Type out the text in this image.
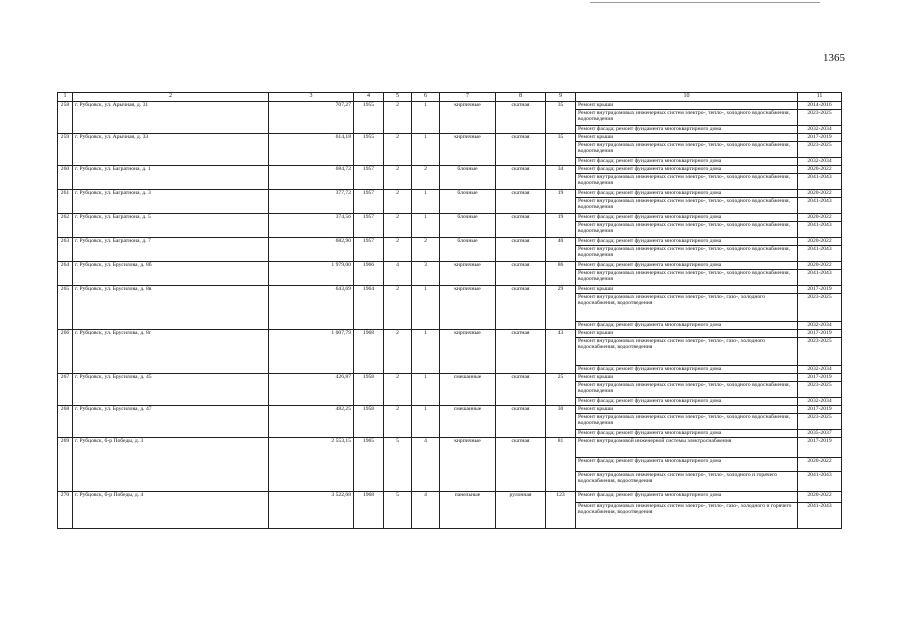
1365
1	2	3	4	5	6	7	8	9	10	11
258	г. Рубцовск, ул. Арычная, д. 31	707,27	1955	2	1	кирпичные	скатная	35	Ремонт крыши	2014-2016
									Ремонт внутридомовых инженерных систем электро-, тепло-, холодного водоснабжения, водоотведения	2023-2025
									Ремонт фасада; ремонт фундамента многоквартирного дома	2032-2034
259	г. Рубцовск, ул. Арычная, д. 33	614,18	1955	2	1	кирпичные	скатная	35	Ремонт крыши	2017-2019
									Ремонт внутридомовых инженерных систем электро-, тепло-, холодного водоснабжения, водоотведения	2023-2025
									Ремонт фасада; ремонт фундамента многоквартирного дома	2032-2034
260	г. Рубцовск, ул. Багратиона, д. 1	684,72	1957	2	2	блочные	скатная	34	Ремонт фасада; ремонт фундамента многоквартирного дома	2020-2022
									Ремонт внутридомовых инженерных систем электро-, тепло-, холодного водоснабжения, водоотведения	2041-2043
261	г. Рубцовск, ул. Багратиона, д. 3	377,72	1957	2	1	блочные	скатная	19	Ремонт фасада; ремонт фундамента многоквартирного дома	2020-2022
									Ремонт внутридомовых инженерных систем электро-, тепло-, холодного водоснабжения, водоотведения	2041-2043
262	г. Рубцовск, ул. Багратиона, д. 5	374,56	1957	2	1	блочные	скатная	19	Ремонт фасада; ремонт фундамента многоквартирного дома	2020-2022
									Ремонт внутридомовых инженерных систем электро-, тепло-, холодного водоснабжения, водоотведения	2041-2043
263	г. Рубцовск, ул. Багратиона, д. 7	682,90	1957	2	2	блочные	скатная	40	Ремонт фасада; ремонт фундамента многоквартирного дома	2020-2022
									Ремонт внутридомовых инженерных систем электро-, тепло-, холодного водоснабжения, водоотведения	2041-2043
264	г. Рубцовск, ул. Брусилова, д. 8б	1 979,00	1966	4	3	кирпичные	скатная	86	Ремонт фасада; ремонт фундамента многоквартирного дома	2020-2022
									Ремонт внутридомовых инженерных систем электро-, тепло-, холодного водоснабжения, водоотведения	2041-2043
265	г. Рубцовск, ул. Брусилова, д. 8в	643,69	1964	2	1	кирпичные	скатная	29	Ремонт крыши	2017-2019
									Ремонт внутридомовых инженерных систем электро-, тепло-, газо-, холодного водоснабжения, водоотведения	2023-2025
									Ремонт фасада; ремонт фундамента многоквартирного дома	2032-2034
266	г. Рубцовск, ул. Брусилова, д. 8г	1 007,79	1968	2	1	кирпичные	скатная	43	Ремонт крыши	2017-2019
									Ремонт внутридомовых инженерных систем электро-, тепло-, газо-, холодного водоснабжения, водоотведения	2023-2025
									Ремонт фасада; ремонт фундамента многоквартирного дома	2032-2034
267	г. Рубцовск, ул. Брусилова, д. 45	426,87	1958	2	1	смешанные	скатная	25	Ремонт крыши	2017-2019
									Ремонт внутридомовых инженерных систем электро-, тепло-, холодного водоснабжения, водоотведения	2023-2025
									Ремонт фасада; ремонт фундамента многоквартирного дома	2032-2034
268	г. Рубцовск, ул. Брусилова, д. 47	482,25	1958	2	1	смешанные	скатная	30	Ремонт крыши	2017-2019
									Ремонт внутридомовых инженерных систем электро-, тепло-, холодного водоснабжения, водоотведения	2023-2025
									Ремонт фасада; ремонт фундамента многоквартирного дома	2035-2037
269	г. Рубцовск, б-р Победы, д. 3	2 553,15	1965	5	4	кирпичные	скатная	81	Ремонт внутридомовой инженерной системы электроснабжения	2017-2019
									Ремонт фасада; ремонт фундамента многоквартирного дома	2020-2022
									Ремонт внутридомовых инженерных систем электро-, тепло-, холодного и горячего водоснабжения, водоотведения	2041-2043
270	г. Рубцовск, б-р Победы, д. 4	3 522,68	1968	5	4	панельные	рулонная	123	Ремонт фасада; ремонт фундамента многоквартирного дома	2020-2022
									Ремонт внутридомовых инженерных систем электро-, тепло-, газо-, холодного и горячего водоснабжения, водоотведения	2041-2043
